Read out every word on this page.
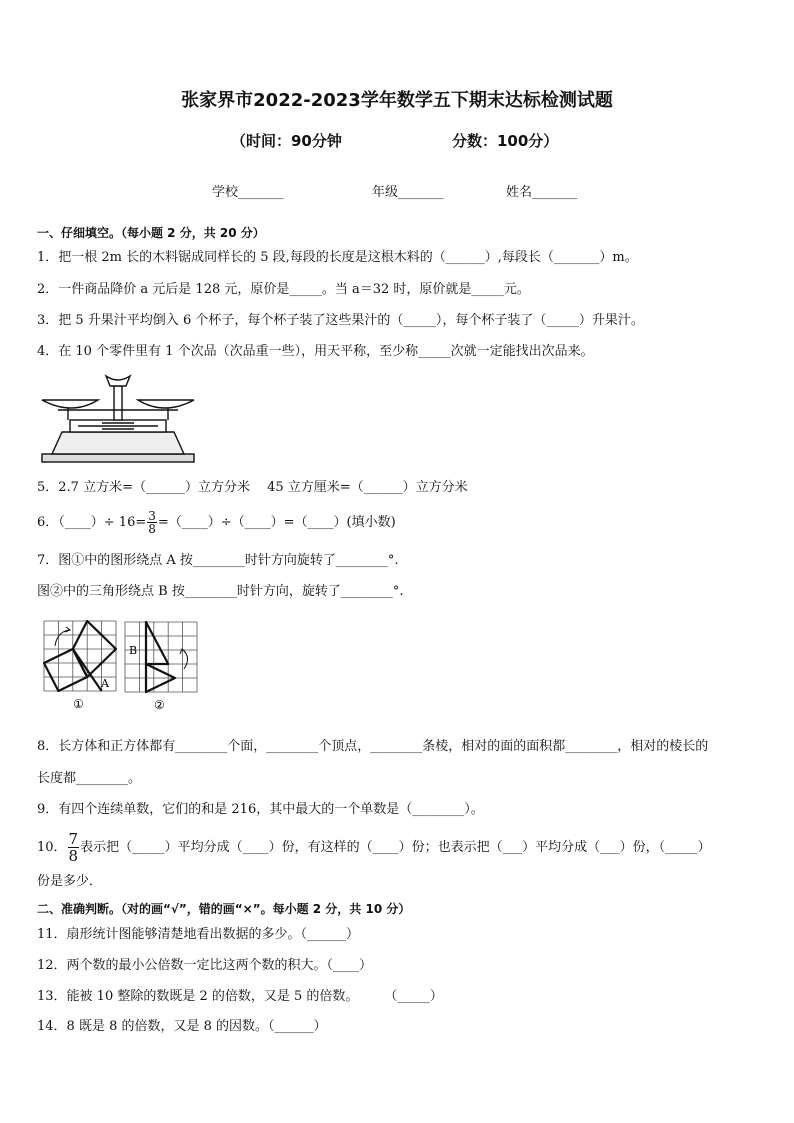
张家界市2022-2023学年数学五下期末达标检测试题
（时间：90分钟	分数：100分）
学校_______	年级_______	姓名_______
一、仔细填空。（每小题 2 分，共 20 分）
1．把一根 2m 长的木料锯成同样长的 5 段,每段的长度是这根木料的（______）,每段长（_______）m。
2．一件商品降价 a 元后是 128 元，原价是_____。当 a＝32 时，原价就是_____元。
3．把 5 升果汁平均倒入 6 个杯子，每个杯子装了这些果汁的（_____），每个杯子装了（_____）升果汁。
4．在 10 个零件里有 1 个次品（次品重一些），用天平称，至少称_____次就一定能找出次品来。
5．2.7 立方米=（______）立方分米　 45 立方厘米=（______）立方分米
6．（____）÷ $16= \frac{3}{8}$ =（____）÷（____）=（____）(填小数)
7．图①中的图形绕点 A 按________时针方向旋转了________°.
图②中的三角形绕点 B 按________时针方向，旋转了________°.
A
①
B
②
8．长方体和正方体都有________个面，________个顶点，________条棱，相对的面的面积都________，相对的棱长的
长度都________。
9．有四个连续单数，它们的和是 216，其中最大的一个单数是（________）。
10． $\frac{7}{8}$ 表示把（_____）平均分成（____）份，有这样的（____）份；也表示把（___）平均分成（___）份，（_____）
份是多少．
二、准确判断。（对的画“√”，错的画“×”。每小题 2 分，共 10 分）
11．扇形统计图能够清楚地看出数据的多少。（______）
12．两个数的最小公倍数一定比这两个数的积大。（____）
13．能被 10 整除的数既是 2 的倍数，又是 5 的倍数。　　　（_____）
14．8 既是 8 的倍数，又是 8 的因数。（______）
